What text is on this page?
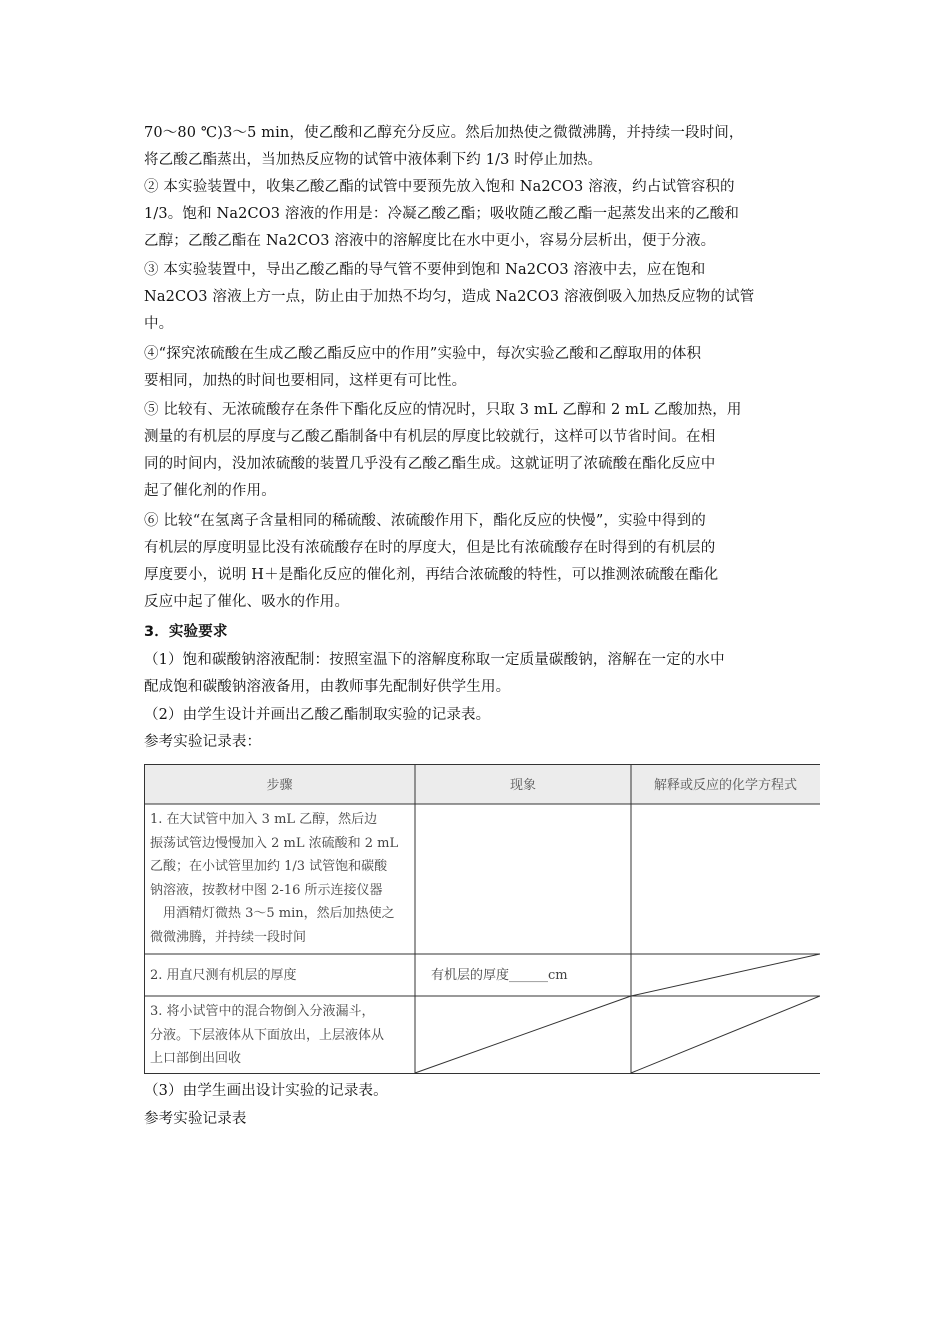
70～80 ℃)3～5 min，使乙酸和乙醇充分反应。然后加热使之微微沸腾，并持续一段时间，
将乙酸乙酯蒸出，当加热反应物的试管中液体剩下约 1/3 时停止加热。

② 本实验装置中，收集乙酸乙酯的试管中要预先放入饱和 Na2CO3 溶液，约占试管容积的
1/3。饱和 Na2CO3 溶液的作用是：冷凝乙酸乙酯；吸收随乙酸乙酯一起蒸发出来的乙酸和
乙醇；乙酸乙酯在 Na2CO3 溶液中的溶解度比在水中更小，容易分层析出，便于分液。

③ 本实验装置中，导出乙酸乙酯的导气管不要伸到饱和 Na2CO3 溶液中去，应在饱和
Na2CO3 溶液上方一点，防止由于加热不均匀，造成 Na2CO3 溶液倒吸入加热反应物的试管
中。

④“探究浓硫酸在生成乙酸乙酯反应中的作用”实验中，每次实验乙酸和乙醇取用的体积
要相同，加热的时间也要相同，这样更有可比性。

⑤ 比较有、无浓硫酸存在条件下酯化反应的情况时，只取 3 mL 乙醇和 2 mL 乙酸加热，用
测量的有机层的厚度与乙酸乙酯制备中有机层的厚度比较就行，这样可以节省时间。在相
同的时间内，没加浓硫酸的装置几乎没有乙酸乙酯生成。这就证明了浓硫酸在酯化反应中
起了催化剂的作用。

⑥ 比较“在氢离子含量相同的稀硫酸、浓硫酸作用下，酯化反应的快慢”，实验中得到的
有机层的厚度明显比没有浓硫酸存在时的厚度大，但是比有浓硫酸存在时得到的有机层的
厚度要小，说明 H＋是酯化反应的催化剂，再结合浓硫酸的特性，可以推测浓硫酸在酯化
反应中起了催化、吸水的作用。

3．实验要求

（1）饱和碳酸钠溶液配制：按照室温下的溶解度称取一定质量碳酸钠，溶解在一定的水中
配成饱和碳酸钠溶液备用，由教师事先配制好供学生用。

（2）由学生设计并画出乙酸乙酯制取实验的记录表。

参考实验记录表：

步骤	现象	解释或反应的化学方程式
1. 在大试管中加入 3 mL 乙醇，然后边
振荡试管边慢慢加入 2 mL 浓硫酸和 2 mL
乙酸；在小试管里加约 1/3 试管饱和碳酸
钠溶液，按教材中图 2-16 所示连接仪器
　用酒精灯微热 3～5 min，然后加热使之
微微沸腾，并持续一段时间
2. 用直尺测有机层的厚度	有机层的厚度______cm
3. 将小试管中的混合物倒入分液漏斗，
分液。下层液体从下面放出，上层液体从
上口部倒出回收

（3）由学生画出设计实验的记录表。

参考实验记录表
